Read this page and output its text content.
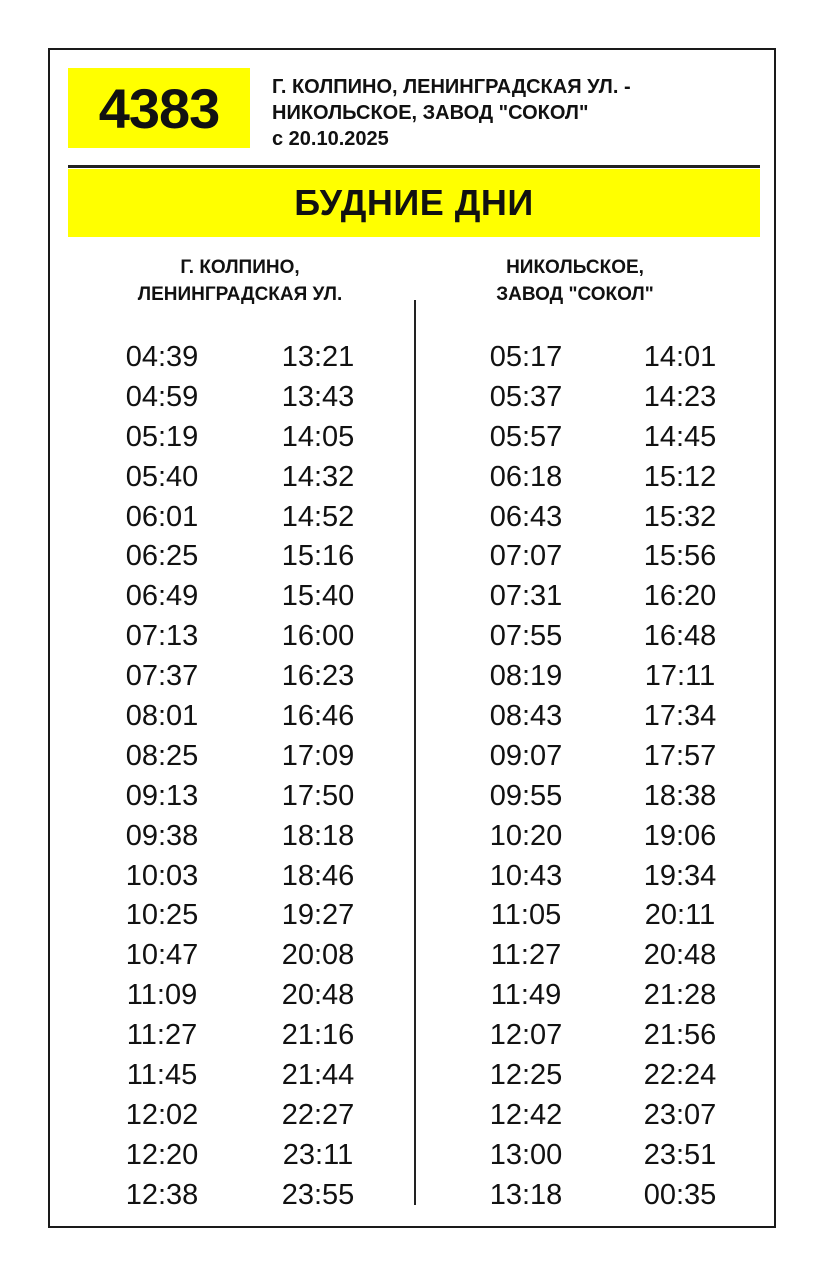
4383	Г. КОЛПИНО, ЛЕНИНГРАДСКАЯ УЛ. -
НИКОЛЬСКОЕ, ЗАВОД "СОКОЛ"
с 20.10.2025
БУДНИЕ ДНИ
Г. КОЛПИНО,
ЛЕНИНГРАДСКАЯ УЛ.
НИКОЛЬСКОЕ,
ЗАВОД "СОКОЛ"
04:39
04:59
05:19
05:40
06:01
06:25
06:49
07:13
07:37
08:01
08:25
09:13
09:38
10:03
10:25
10:47
11:09
11:27
11:45
12:02
12:20
12:38
13:21
13:43
14:05
14:32
14:52
15:16
15:40
16:00
16:23
16:46
17:09
17:50
18:18
18:46
19:27
20:08
20:48
21:16
21:44
22:27
23:11
23:55
05:17
05:37
05:57
06:18
06:43
07:07
07:31
07:55
08:19
08:43
09:07
09:55
10:20
10:43
11:05
11:27
11:49
12:07
12:25
12:42
13:00
13:18
14:01
14:23
14:45
15:12
15:32
15:56
16:20
16:48
17:11
17:34
17:57
18:38
19:06
19:34
20:11
20:48
21:28
21:56
22:24
23:07
23:51
00:35
